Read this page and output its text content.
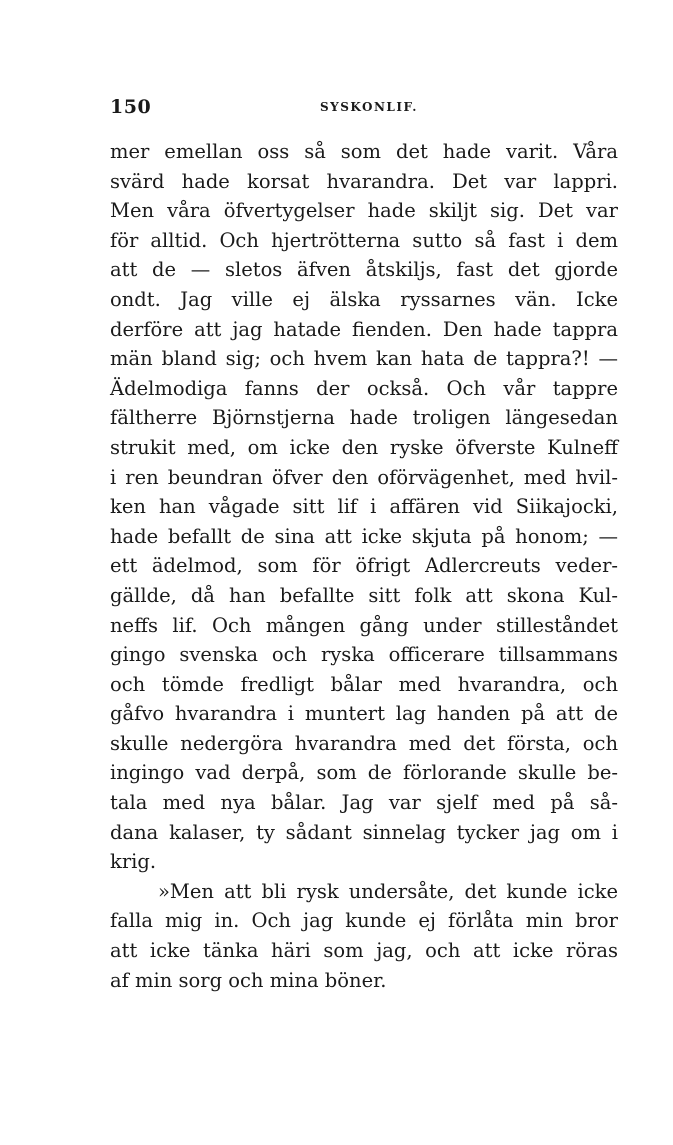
150	SYSKONLIF.
mer emellan oss så som det hade varit. Våra
svärd hade korsat hvarandra. Det var lappri.
Men våra öfvertygelser hade skiljt sig. Det var
för alltid. Och hjertrötterna sutto så fast i dem
att de — sletos äfven åtskiljs, fast det gjorde
ondt. Jag ville ej älska ryssarnes vän. Icke
derföre att jag hatade fienden. Den hade tappra
män bland sig; och hvem kan hata de tappra?! —
Ädelmodiga fanns der också. Och vår tappre
fältherre Björnstjerna hade troligen längesedan
strukit med, om icke den ryske öfverste Kulneff
i ren beundran öfver den oförvägenhet, med hvil-
ken han vågade sitt lif i affären vid Siikajocki,
hade befallt de sina att icke skjuta på honom; —
ett ädelmod, som för öfrigt Adlercreuts veder-
gällde, då han befallte sitt folk att skona Kul-
neffs lif. Och mången gång under stilleståndet
gingo svenska och ryska officerare tillsammans
och tömde fredligt bålar med hvarandra, och
gåfvo hvarandra i muntert lag handen på att de
skulle nedergöra hvarandra med det första, och
ingingo vad derpå, som de förlorande skulle be-
tala med nya bålar. Jag var sjelf med på så-
dana kalaser, ty sådant sinnelag tycker jag om i
krig.
»Men att bli rysk undersåte, det kunde icke
falla mig in. Och jag kunde ej förlåta min bror
att icke tänka häri som jag, och att icke röras
af min sorg och mina böner.
